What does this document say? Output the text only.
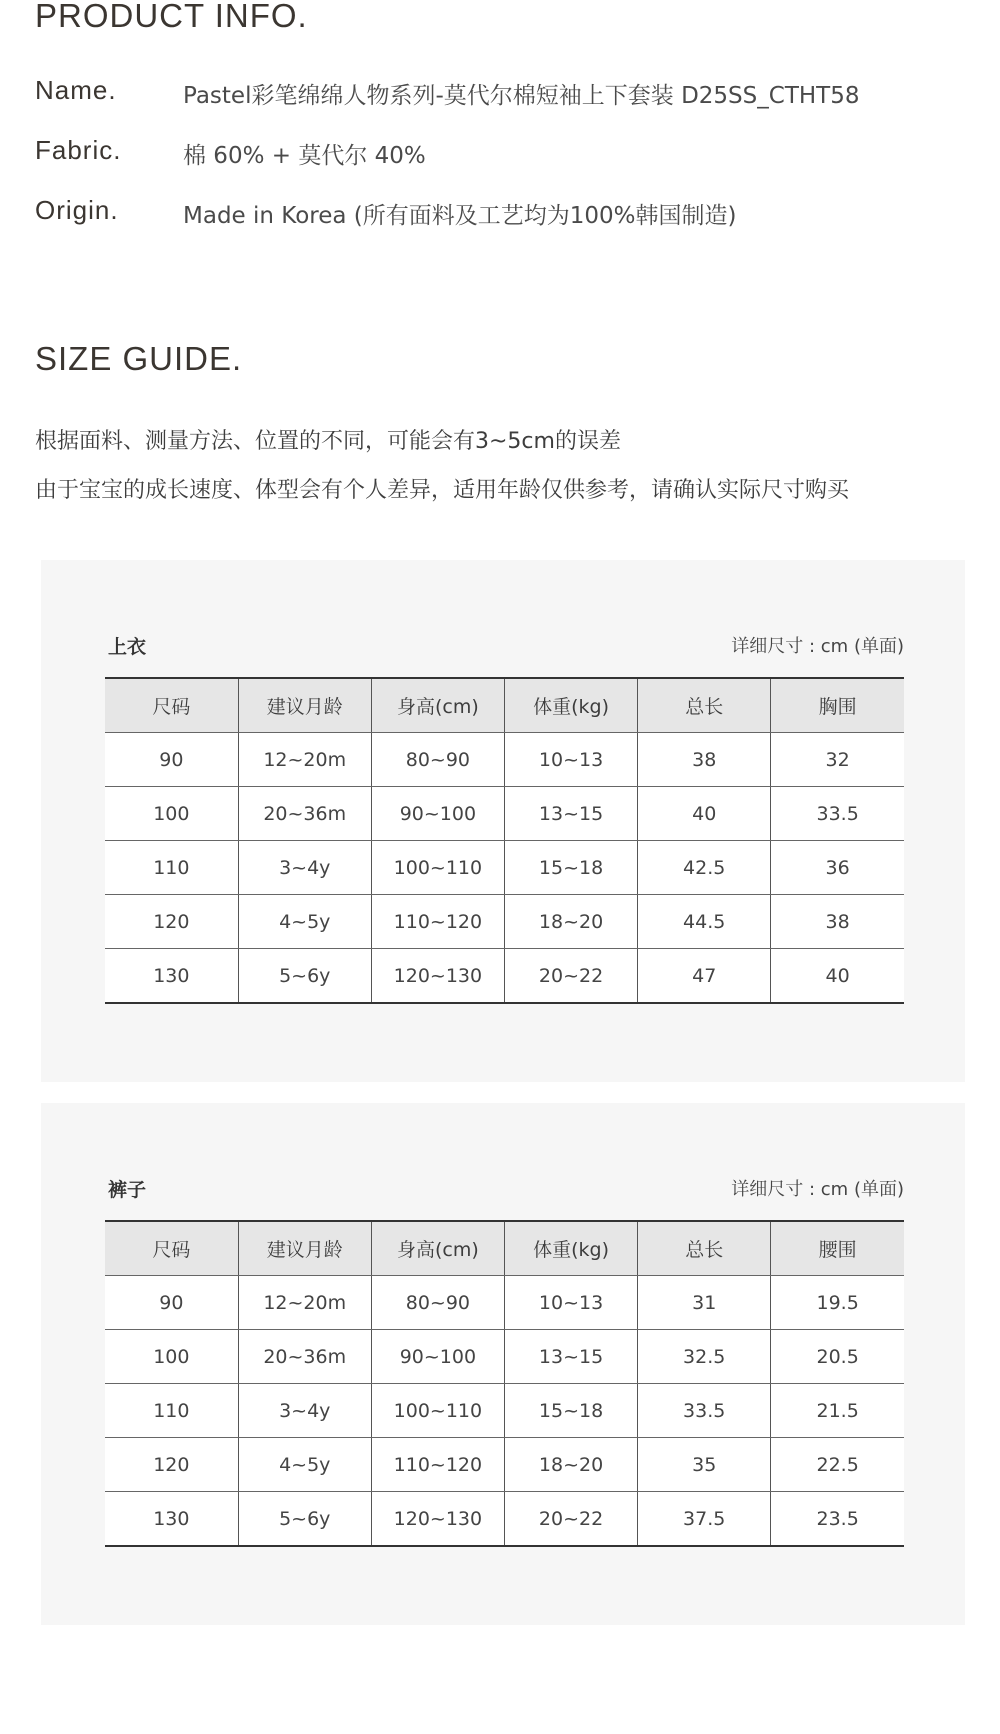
PRODUCT INFO.
Name.	Pastel彩笔绵绵人物系列-莫代尔棉短袖上下套装 D25SS_CTHT58
Fabric.	棉 60% + 莫代尔 40%
Origin.	Made in Korea (所有面料及工艺均为100%韩国制造)
SIZE GUIDE.
根据面料、测量方法、位置的不同，可能会有3~5cm的误差
由于宝宝的成长速度、体型会有个人差异，适用年龄仅供参考，请确认实际尺寸购买
上衣	详细尺寸 : cm (单面)
尺码	建议月龄	身高(cm)	体重(kg)	总长	胸围
90	12~20m	80~90	10~13	38	32
100	20~36m	90~100	13~15	40	33.5
110	3~4y	100~110	15~18	42.5	36
120	4~5y	110~120	18~20	44.5	38
130	5~6y	120~130	20~22	47	40
裤子	详细尺寸 : cm (单面)
尺码	建议月龄	身高(cm)	体重(kg)	总长	腰围
90	12~20m	80~90	10~13	31	19.5
100	20~36m	90~100	13~15	32.5	20.5
110	3~4y	100~110	15~18	33.5	21.5
120	4~5y	110~120	18~20	35	22.5
130	5~6y	120~130	20~22	37.5	23.5
